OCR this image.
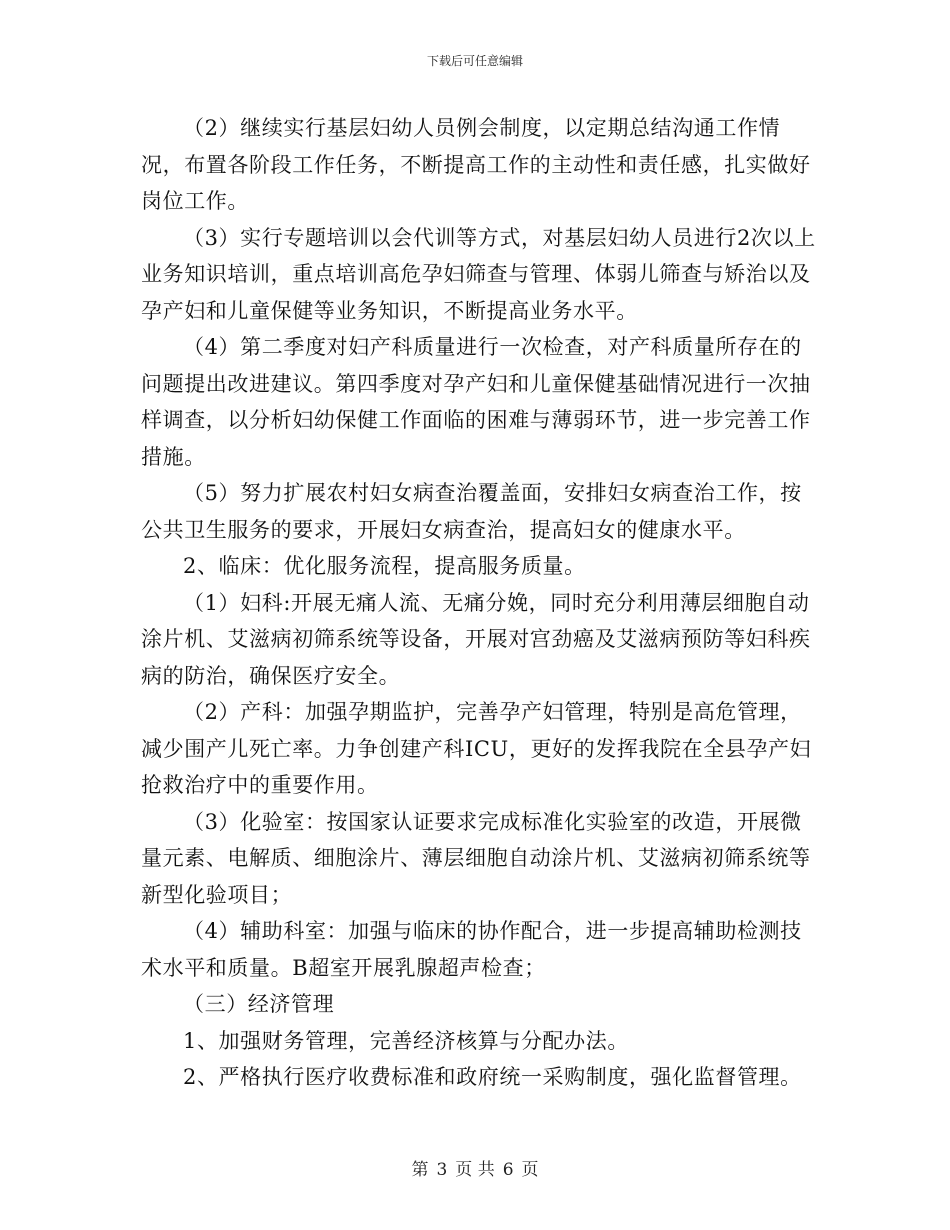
下载后可任意编辑

（2）继续实行基层妇幼人员例会制度，以定期总结沟通工作情况，布置各阶段工作任务，不断提高工作的主动性和责任感，扎实做好岗位工作。

（3）实行专题培训以会代训等方式，对基层妇幼人员进行2次以上业务知识培训，重点培训高危孕妇筛查与管理、体弱儿筛查与矫治以及孕产妇和儿童保健等业务知识，不断提高业务水平。

（4）第二季度对妇产科质量进行一次检查，对产科质量所存在的问题提出改进建议。第四季度对孕产妇和儿童保健基础情况进行一次抽样调查，以分析妇幼保健工作面临的困难与薄弱环节，进一步完善工作措施。

（5）努力扩展农村妇女病查治覆盖面，安排妇女病查治工作，按公共卫生服务的要求，开展妇女病查治，提高妇女的健康水平。

2、临床：优化服务流程，提高服务质量。

（1）妇科:开展无痛人流、无痛分娩，同时充分利用薄层细胞自动涂片机、艾滋病初筛系统等设备，开展对宫劲癌及艾滋病预防等妇科疾病的防治，确保医疗安全。

（2）产科：加强孕期监护，完善孕产妇管理，特别是高危管理，减少围产儿死亡率。力争创建产科ICU，更好的发挥我院在全县孕产妇抢救治疗中的重要作用。

（3）化验室：按国家认证要求完成标准化实验室的改造，开展微量元素、电解质、细胞涂片、薄层细胞自动涂片机、艾滋病初筛系统等新型化验项目；

（4）辅助科室：加强与临床的协作配合，进一步提高辅助检测技术水平和质量。B超室开展乳腺超声检查；

（三）经济管理

1、加强财务管理，完善经济核算与分配办法。

2、严格执行医疗收费标准和政府统一采购制度，强化监督管理。

第 3 页 共 6 页
